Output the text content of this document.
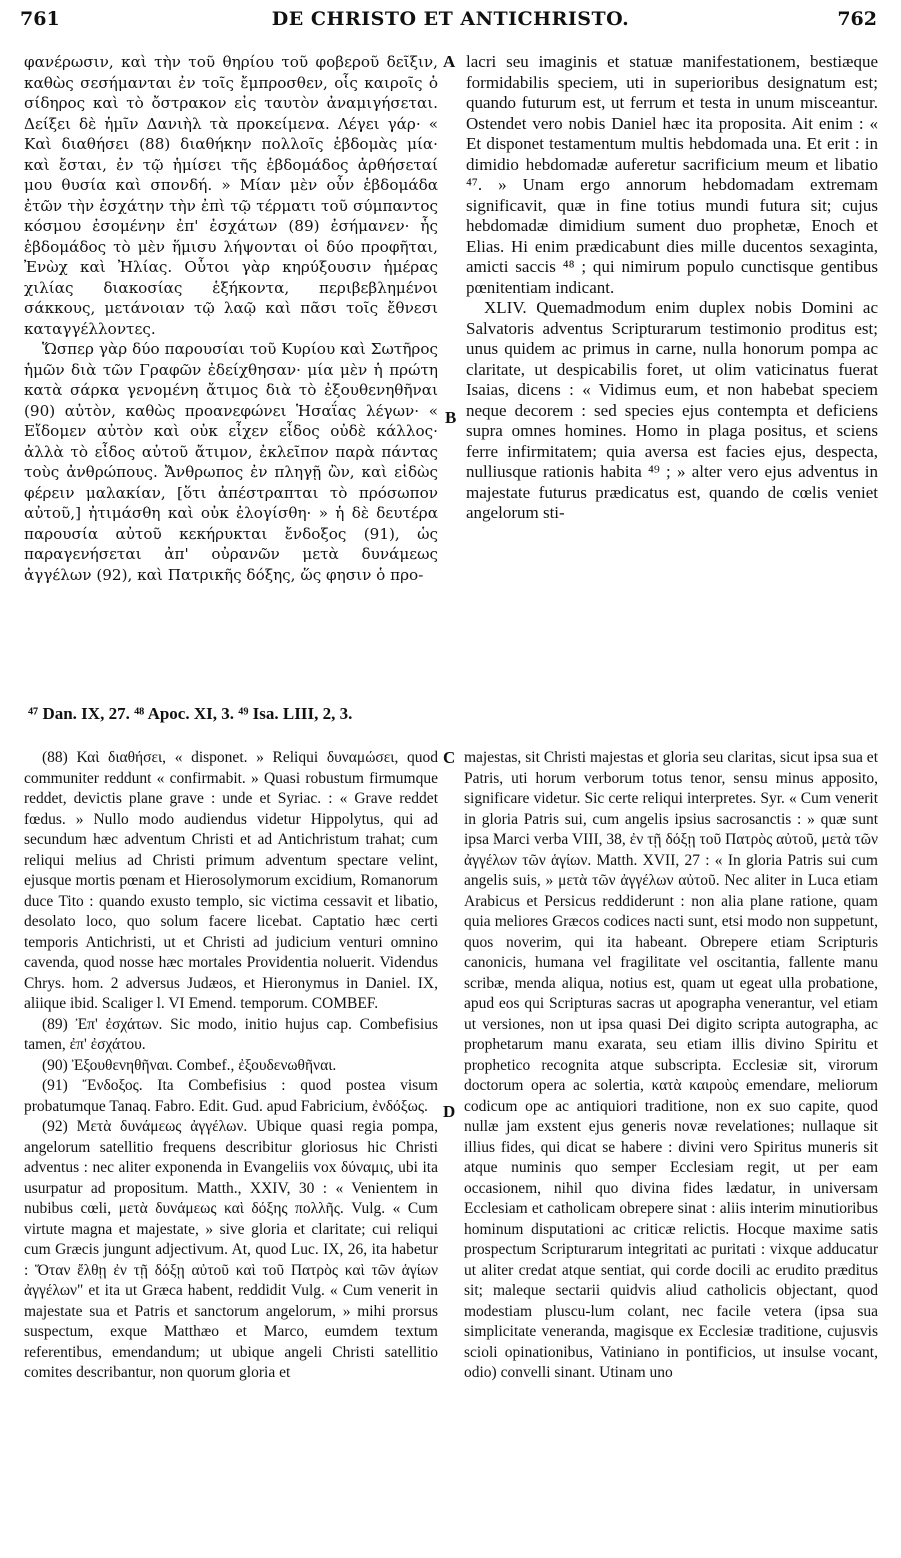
761	DE CHRISTO ET ANTICHRISTO.	762

φανέρωσιν, καὶ τὴν τοῦ θηρίου τοῦ φοβεροῦ δεῖξιν, καθὼς σεσήμανται ἐν τοῖς ἔμπροσθεν, οἷς καιροῖς ὁ σίδηρος καὶ τὸ ὄστρακον εἰς ταυτὸν ἀναμιγήσεται. Δείξει δὲ ἡμῖν Δανιὴλ τὰ προκείμενα. Λέγει γάρ· « Καὶ διαθήσει (88) διαθήκην πολλοῖς ἑβδομὰς μία· καὶ ἔσται, ἐν τῷ ἡμίσει τῆς ἑβδομάδος ἀρθήσεταί μου θυσία καὶ σπονδή. » Μίαν μὲν οὖν ἑβδομάδα ἐτῶν τὴν ἐσχάτην τὴν ἐπὶ τῷ τέρματι τοῦ σύμπαντος κόσμου ἐσομένην ἐπ' ἐσχάτων (89) ἐσήμανεν· ἧς ἑβδομάδος τὸ μὲν ἥμισυ λήψονται οἱ δύο προφῆται, Ἐνὼχ καὶ Ἠλίας. Οὗτοι γὰρ κηρύξουσιν ἡμέρας χιλίας διακοσίας ἑξήκοντα, περιβεβλημένοι σάκκους, μετάνοιαν τῷ λαῷ καὶ πᾶσι τοῖς ἔθνεσι καταγγέλλοντες.

Ὥσπερ γὰρ δύο παρουσίαι τοῦ Κυρίου καὶ Σωτῆρος ἡμῶν διὰ τῶν Γραφῶν ἐδείχθησαν· μία μὲν ἡ πρώτη κατὰ σάρκα γενομένη ἄτιμος διὰ τὸ ἐξουθενηθῆναι (90) αὐτὸν, καθὼς προανεφώνει Ἡσαΐας λέγων· « Εἴδομεν αὐτὸν καὶ οὐκ εἶχεν εἶδος οὐδὲ κάλλος· ἀλλὰ τὸ εἶδος αὐτοῦ ἄτιμον, ἐκλεῖπον παρὰ πάντας τοὺς ἀνθρώπους. Ἄνθρωπος ἐν πληγῇ ὢν, καὶ εἰδὼς φέρειν μαλακίαν, [ὅτι ἀπέστραπται τὸ πρόσωπον αὐτοῦ,] ἠτιμάσθη καὶ οὐκ ἐλογίσθη· » ἡ δὲ δευτέρα παρουσία αὐτοῦ κεκήρυκται ἔνδοξος (91), ὡς παραγενήσεται ἀπ' οὐρανῶν μετὰ δυνάμεως ἀγγέλων (92), καὶ Πατρικῆς δόξης, ὥς φησιν ὁ προ-

A
B

lacri seu imaginis et statuæ manifestationem, bestiæque formidabilis speciem, uti in superioribus designatum est; quando futurum est, ut ferrum et testa in unum misceantur. Ostendet vero nobis Daniel hæc ita proposita. Ait enim : « Et disponet testamentum multis hebdomada una. Et erit : in dimidio hebdomadæ auferetur sacrificium meum et libatio ⁴⁷. » Unam ergo annorum hebdomadam extremam significavit, quæ in fine totius mundi futura sit; cujus hebdomadæ dimidium sument duo prophetæ, Enoch et Elias. Hi enim prædicabunt dies mille ducentos sexaginta, amicti saccis ⁴⁸ ; qui nimirum populo cunctisque gentibus pœnitentiam indicant.

XLIV. Quemadmodum enim duplex nobis Domini ac Salvatoris adventus Scripturarum testimonio proditus est; unus quidem ac primus in carne, nulla honorum pompa ac claritate, ut despicabilis foret, ut olim vaticinatus fuerat Isaias, dicens : « Vidimus eum, et non habebat speciem neque decorem : sed species ejus contempta et deficiens supra omnes homines. Homo in plaga positus, et sciens ferre infirmitatem; quia aversa est facies ejus, despecta, nulliusque rationis habita ⁴⁹ ; » alter vero ejus adventus in majestate futurus prædicatus est, quando de cœlis veniet angelorum sti-

⁴⁷ Dan. IX, 27. ⁴⁸ Apoc. XI, 3. ⁴⁹ Isa. LIII, 2, 3.

(88) Καὶ διαθήσει, « disponet. » Reliqui δυναμώσει, quod communiter reddunt « confirmabit. » Quasi robustum firmumque reddet, devictis plane grave : unde et Syriac. : « Grave reddet fœdus. » Nullo modo audiendus videtur Hippolytus, qui ad secundum hæc adventum Christi et ad Antichristum trahat; cum reliqui melius ad Christi primum adventum spectare velint, ejusque mortis pœnam et Hierosolymorum excidium, Romanorum duce Tito : quando exusto templo, sic victima cessavit et libatio, desolato loco, quo solum facere licebat. Captatio hæc certi temporis Antichristi, ut et Christi ad judicium venturi omnino cavenda, quod nosse hæc mortales Providentia noluerit. Videndus Chrys. hom. 2 adversus Judæos, et Hieronymus in Daniel. IX, aliique ibid. Scaliger l. VI Emend. temporum. COMBEF.

(89) Ἐπ' ἐσχάτων. Sic modo, initio hujus cap. Combefisius tamen, ἐπ' ἐσχάτου.

(90) Ἐξουθενηθῆναι. Combef., ἐξουδενωθῆναι.

(91) Ἔνδοξος. Ita Combefisius : quod postea visum probatumque Tanaq. Fabro. Edit. Gud. apud Fabricium, ἐνδόξως.

(92) Μετὰ δυνάμεως ἀγγέλων. Ubique quasi regia pompa, angelorum satellitio frequens describitur gloriosus hic Christi adventus : nec aliter exponenda in Evangeliis vox δύναμις, ubi ita usurpatur ad propositum. Matth., XXIV, 30 : « Venientem in nubibus cœli, μετὰ δυνάμεως καὶ δόξης πολλῆς. Vulg. « Cum virtute magna et majestate, » sive gloria et claritate; cui reliqui cum Græcis jungunt adjectivum. At, quod Luc. IX, 26, ita habetur : Ὅταν ἔλθῃ ἐν τῇ δόξῃ αὐτοῦ καὶ τοῦ Πατρὸς καὶ τῶν ἁγίων ἀγγέλων" et ita ut Græca habent, reddidit Vulg. « Cum venerit in majestate sua et Patris et sanctorum angelorum, » mihi prorsus suspectum, exque Matthæo et Marco, eumdem textum referentibus, emendandum; ut ubique angeli Christi satellitio comites describantur, non quorum gloria et

C
D

majestas, sit Christi majestas et gloria seu claritas, sicut ipsa sua et Patris, uti horum verborum totus tenor, sensu minus apposito, significare videtur. Sic certe reliqui interpretes. Syr. « Cum venerit in gloria Patris sui, cum angelis ipsius sacrosanctis : » quæ sunt ipsa Marci verba VIII, 38, ἐν τῇ δόξῃ τοῦ Πατρὸς αὐτοῦ, μετὰ τῶν ἀγγέλων τῶν ἁγίων. Matth. XVII, 27 : « In gloria Patris sui cum angelis suis, » μετὰ τῶν ἀγγέλων αὐτοῦ. Nec aliter in Luca etiam Arabicus et Persicus reddiderunt : non alia plane ratione, quam quia meliores Græcos codices nacti sunt, etsi modo non suppetunt, quos noverim, qui ita habeant. Obrepere etiam Scripturis canonicis, humana vel fragilitate vel oscitantia, fallente manu scribæ, menda aliqua, notius est, quam ut egeat ulla probatione, apud eos qui Scripturas sacras ut apographa venerantur, vel etiam ut versiones, non ut ipsa quasi Dei digito scripta autographa, ac prophetarum manu exarata, seu etiam illis divino Spiritu et prophetico recognita atque subscripta. Ecclesiæ sit, virorum doctorum opera ac solertia, κατὰ καιροὺς emendare, meliorum codicum ope ac antiquiori traditione, non ex suo capite, quod nullæ jam exstent ejus generis novæ revelationes; nullaque sit illius fides, qui dicat se habere : divini vero Spiritus muneris sit atque numinis quo semper Ecclesiam regit, ut per eam occasionem, nihil quo divina fides lædatur, in universam Ecclesiam et catholicam obrepere sinat : aliis interim minutioribus hominum disputationi ac criticæ relictis. Hocque maxime satis prospectum Scripturarum integritati ac puritati : vixque adducatur ut aliter credat atque sentiat, qui corde docili ac erudito præditus sit; maleque sectarii quidvis aliud catholicis objectant, quod modestiam pluscu-lum colant, nec facile vetera (ipsa sua simplicitate veneranda, magisque ex Ecclesiæ traditione, cujusvis scioli opinationibus, Vatiniano in pontificios, ut insulse vocant, odio) convelli sinant. Utinam uno
